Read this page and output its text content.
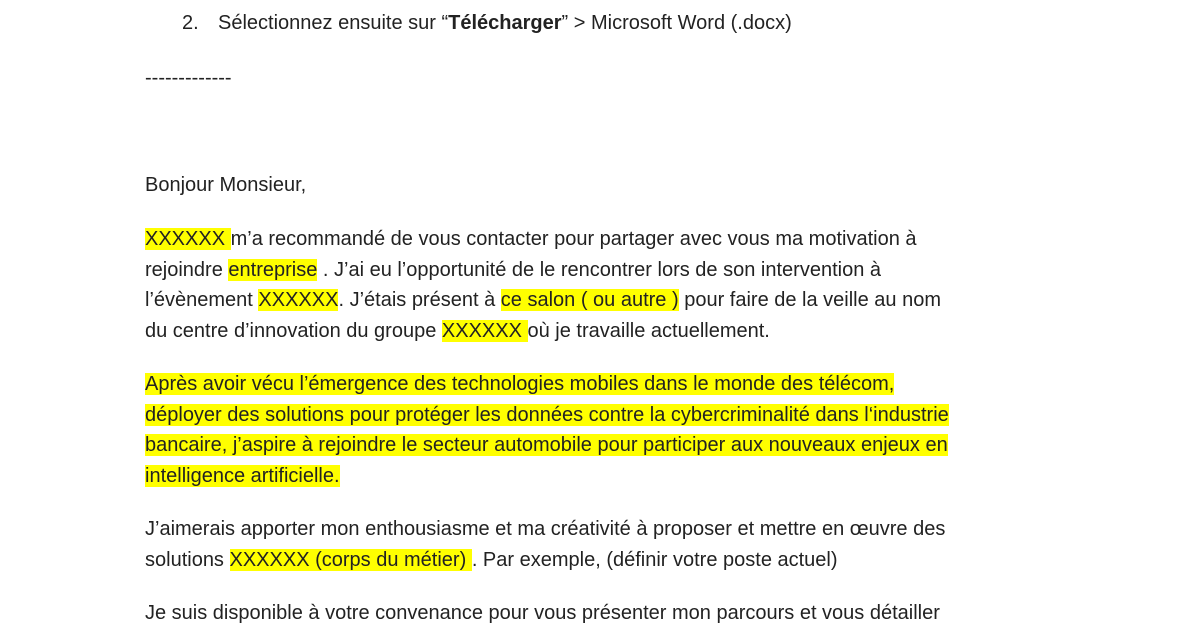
2. Sélectionnez ensuite sur “Télécharger” > Microsoft Word (.docx)
-------------

Bonjour Monsieur,

XXXXXX m’a recommandé de vous contacter pour partager avec vous ma motivation à
rejoindre entreprise . J’ai eu l’opportunité de le rencontrer lors de son intervention à
l’évènement XXXXXX. J’étais présent à ce salon ( ou autre ) pour faire de la veille au nom
du centre d’innovation du groupe XXXXXX où je travaille actuellement.

Après avoir vécu l’émergence des technologies mobiles dans le monde des télécom,
déployer des solutions pour protéger les données contre la cybercriminalité dans l‘industrie
bancaire, j’aspire à rejoindre le secteur automobile pour participer aux nouveaux enjeux en
intelligence artificielle.

J’aimerais apporter mon enthousiasme et ma créativité à proposer et mettre en œuvre des
solutions XXXXXX (corps du métier) . Par exemple, (définir votre poste actuel)

Je suis disponible à votre convenance pour vous présenter mon parcours et vous détailler
